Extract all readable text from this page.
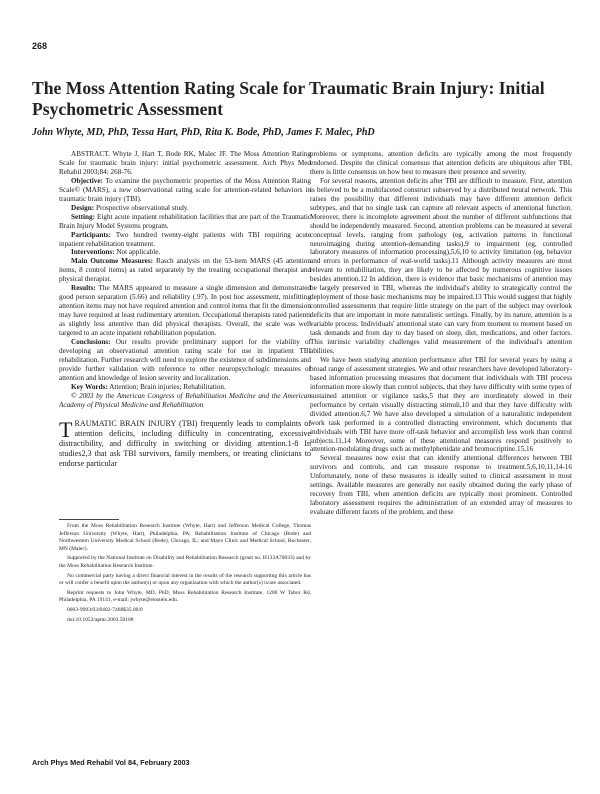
268
The Moss Attention Rating Scale for Traumatic Brain Injury: Initial Psychometric Assessment
John Whyte, MD, PhD, Tessa Hart, PhD, Rita K. Bode, PhD, James F. Malec, PhD

ABSTRACT. Whyte J, Hart T, Bode RK, Malec JF. The Moss Attention Rating Scale for traumatic brain injury: initial psychometric assessment. Arch Phys Med Rehabil 2003;84: 268-76.

Objective: To examine the psychometric properties of the Moss Attention Rating Scale© (MARS), a new observational rating scale for attention-related behaviors in traumatic brain injury (TBI).

Design: Prospective observational study.

Setting: Eight acute inpatient rehabilitation facilities that are part of the Traumatic Brain Injury Model Systems program.

Participants: Two hundred twenty-eight patients with TBI requiring acute inpatient rehabilitation treatment.

Interventions: Not applicable.

Main Outcome Measures: Rasch analysis on the 53-item MARS (45 attention items, 8 control items) as rated separately by the treating occupational therapist and physical therapist.

Results: The MARS appeared to measure a single dimension and demonstrated good person separation (5.66) and reliability (.97). In post hoc assessment, misfitting attention items may not have required attention and control items that fit the dimension may have required at least rudimentary attention. Occupational therapists rated patients as slightly less attentive than did physical therapists. Overall, the scale was well targeted to an acute inpatient rehabilitation population.

Conclusions: Our results provide preliminary support for the viability of developing an observational attention rating scale for use in inpatient TBI rehabilitation. Further research will need to explore the existence of subdimensions and provide further validation with reference to other neuropsychologic measures of attention and knowledge of lesion severity and localization.

Key Words: Attention; Brain injuries; Rehabilitation.

© 2003 by the American Congress of Rehabilitation Medicine and the American Academy of Physical Medicine and Rehabilitation

TRAUMATIC BRAIN INJURY (TBI) frequently leads to complaints of attention deficits, including difficulty in concentrating, excessive distractibility, and difficulty in switching or dividing attention.1-8 In studies2,3 that ask TBI survivors, family members, or treating clinicians to endorse particular

From the Moss Rehabilitation Research Institute (Whyte, Hart) and Jefferson Medical College, Thomas Jefferson University (Whyte, Hart), Philadelphia, PA; Rehabilitation Institute of Chicago (Bode) and Northwestern University Medical School (Bode), Chicago, IL; and Mayo Clinic and Medical School, Rochester, MN (Malec).

Supported by the National Institute on Disability and Rehabilitation Research (grant no. H133A70033) and by the Moss Rehabilitation Research Institute.

No commercial party having a direct financial interest in the results of the research supporting this article has or will confer a benefit upon the author(s) or upon any organization with which the author(s) is/are associated.

Reprint requests to John Whyte, MD, PhD, Moss Rehabilitation Research Institute, 1200 W Tabor Rd, Philadelphia, PA 19141, e-mail: jwhyte@einstein.edu.

0003-9993/03/8402-7468$35.00/0

doi:10.1053/apmr.2003.50108

problems or symptoms, attention deficits are typically among the most frequently endorsed. Despite the clinical consensus that attention deficits are ubiquitous after TBI, there is little consensus on how best to measure their presence and severity.

For several reasons, attention deficits after TBI are difficult to measure. First, attention is believed to be a multifaceted construct subserved by a distributed neural network. This raises the possibility that different individuals may have different attention deficit subtypes, and that no single task can capture all relevant aspects of attentional function. Moreover, there is incomplete agreement about the number of different subfunctions that should be independently measured. Second, attention problems can be measured at several conceptual levels, ranging from pathology (eg, activation patterns in functional neuroimaging during attention-demanding tasks),9 to impairment (eg, controlled laboratory measures of information processing),5,6,10 to activity limitation (eg, behavior and errors in performance of real-world tasks).11 Although activity measures are most relevant to rehabilitation, they are likely to be affected by numerous cognitive issues besides attention.12 In addition, there is evidence that basic mechanisms of attention may be largely preserved in TBI, whereas the individual's ability to strategically control the deployment of those basic mechanisms may be impaired.13 This would suggest that highly controlled assessments that require little strategy on the part of the subject may overlook deficits that are important in more naturalistic settings. Finally, by its nature, attention is a variable process. Individuals' attentional state can vary from moment to moment based on task demands and from day to day based on sleep, diet, medications, and other factors. This intrinsic variability challenges valid measurement of the individual's attention abilities.

We have been studying attention performance after TBI for several years by using a broad range of assessment strategies. We and other researchers have developed laboratory-based information processing measures that document that individuals with TBI process information more slowly than control subjects, that they have difficulty with some types of sustained attention or vigilance tasks,5 that they are inordinately slowed in their performance by certain visually distracting stimuli,10 and that they have difficulty with divided attention.6,7 We have also developed a simulation of a naturalistic independent work task performed in a controlled distracting environment, which documents that individuals with TBI have more off-task behavior and accomplish less work than control subjects.11,14 Moreover, some of these attentional measures respond positively to attention-modulating drugs such as methylphenidate and bromocriptine.15,16

Several measures now exist that can identify attentional differences between TBI survivors and controls, and can measure response to treatment.5,6,10,11,14-16 Unfortunately, none of these measures is ideally suited to clinical assessment in most settings. Available measures are generally not easily obtained during the early phase of recovery from TBI, when attention deficits are typically most prominent. Controlled laboratory assessment requires the administration of an extended array of measures to evaluate different facets of the problem, and these

Arch Phys Med Rehabil Vol 84, February 2003
